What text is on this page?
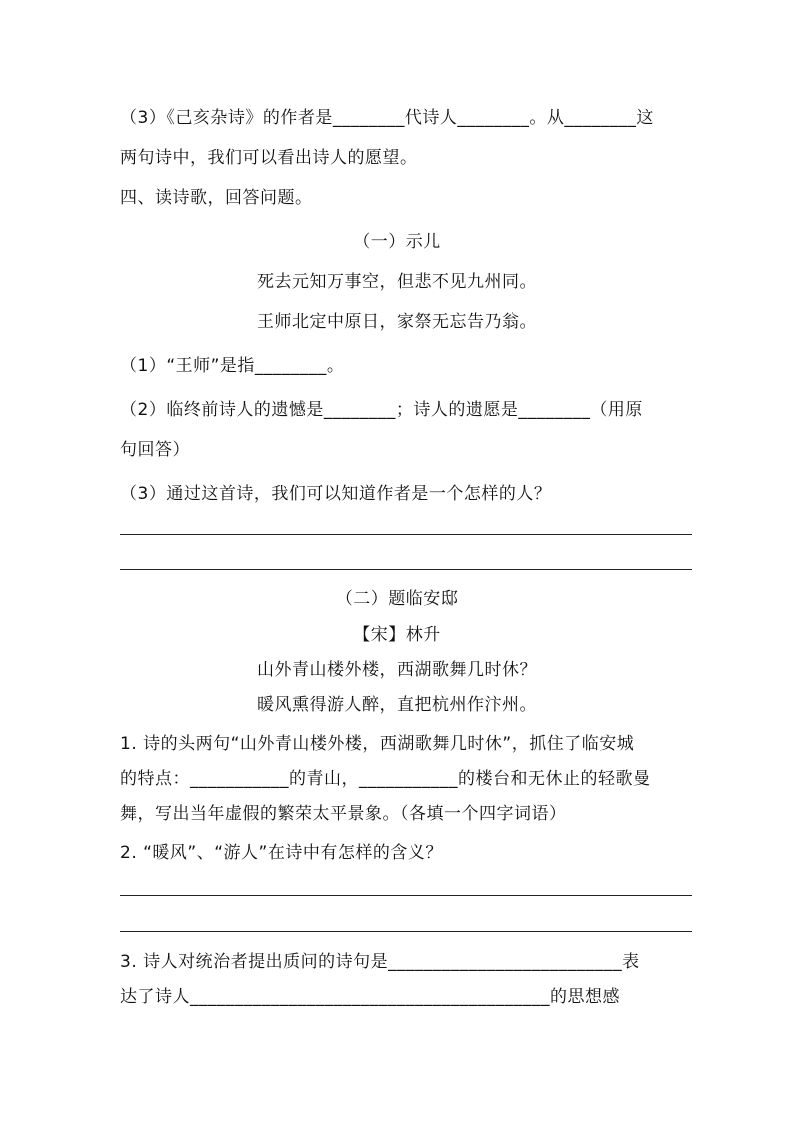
（3）《己亥杂诗》的作者是________代诗人________。从________这
两句诗中，我们可以看出诗人的愿望。
四、读诗歌，回答问题。
（一）示儿
死去元知万事空，但悲不见九州同。
王师北定中原日，家祭无忘告乃翁。
（1）“王师”是指________。
（2）临终前诗人的遗憾是________；诗人的遗愿是________（用原
句回答）
（3）通过这首诗，我们可以知道作者是一个怎样的人？
（二）题临安邸
【宋】林升
山外青山楼外楼，西湖歌舞几时休？
暖风熏得游人醉，直把杭州作汴州。
1. 诗的头两句“山外青山楼外楼，西湖歌舞几时休”，抓住了临安城
的特点：___________的青山，___________的楼台和无休止的轻歌曼
舞，写出当年虚假的繁荣太平景象。（各填一个四字词语）
2. “暖风”、“游人”在诗中有怎样的含义？
3. 诗人对统治者提出质问的诗句是__________________________表
达了诗人________________________________________的思想感
